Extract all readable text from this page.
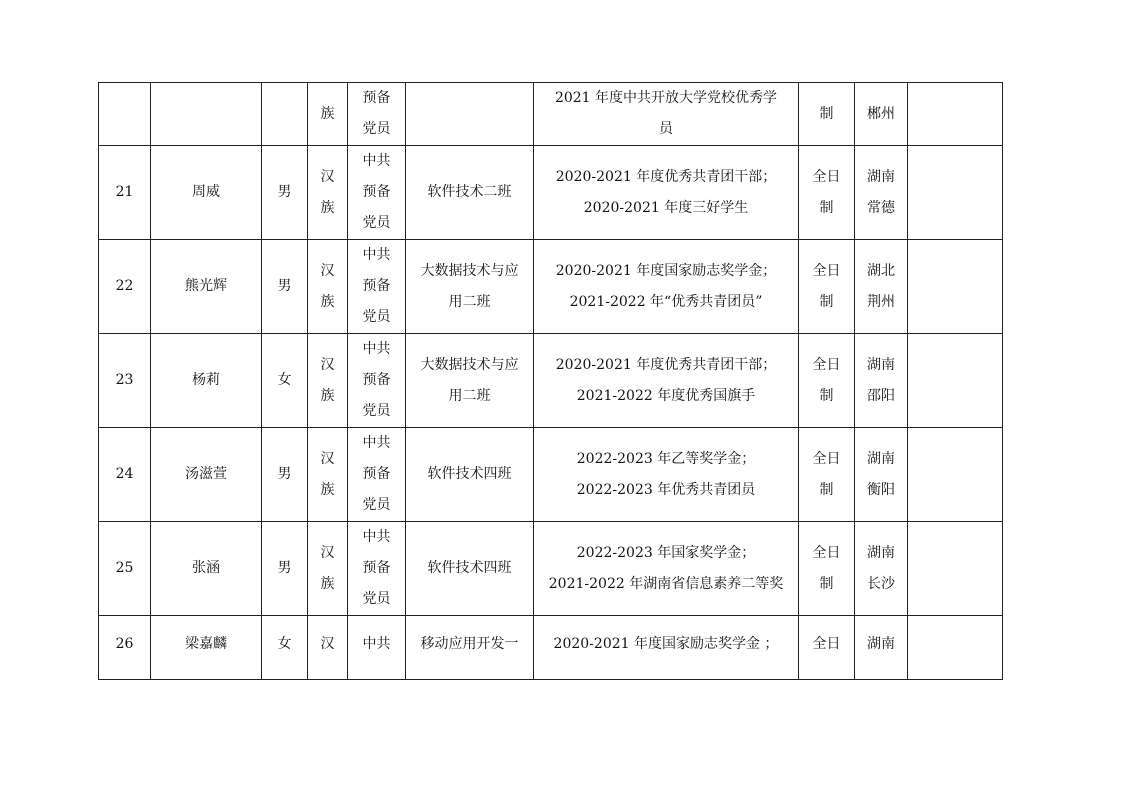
			族	预备
党员		2021 年度中共开放大学党校优秀学
员	制	郴州	

21	周威	男	汉
族	中共
预备
党员	软件技术二班	2020-2021 年度优秀共青团干部；
2020-2021 年度三好学生	全日
制	湖南
常德	

22	熊光辉	男	汉
族	中共
预备
党员	大数据技术与应
用二班	2020-2021 年度国家励志奖学金；
2021-2022 年“优秀共青团员”	全日
制	湖北
荆州	

23	杨莉	女	汉
族	中共
预备
党员	大数据技术与应
用二班	2020-2021 年度优秀共青团干部；
2021-2022 年度优秀国旗手	全日
制	湖南
邵阳	

24	汤滋萱	男	汉
族	中共
预备
党员	软件技术四班	2022-2023 年乙等奖学金；
2022-2023 年优秀共青团员	全日
制	湖南
衡阳	

25	张涵	男	汉
族	中共
预备
党员	软件技术四班	2022-2023 年国家奖学金；
2021-2022 年湖南省信息素养二等奖	全日
制	湖南
长沙	

26	梁嘉麟	女	汉	中共	移动应用开发一	2020-2021 年度国家励志奖学金 ；	全日	湖南	
